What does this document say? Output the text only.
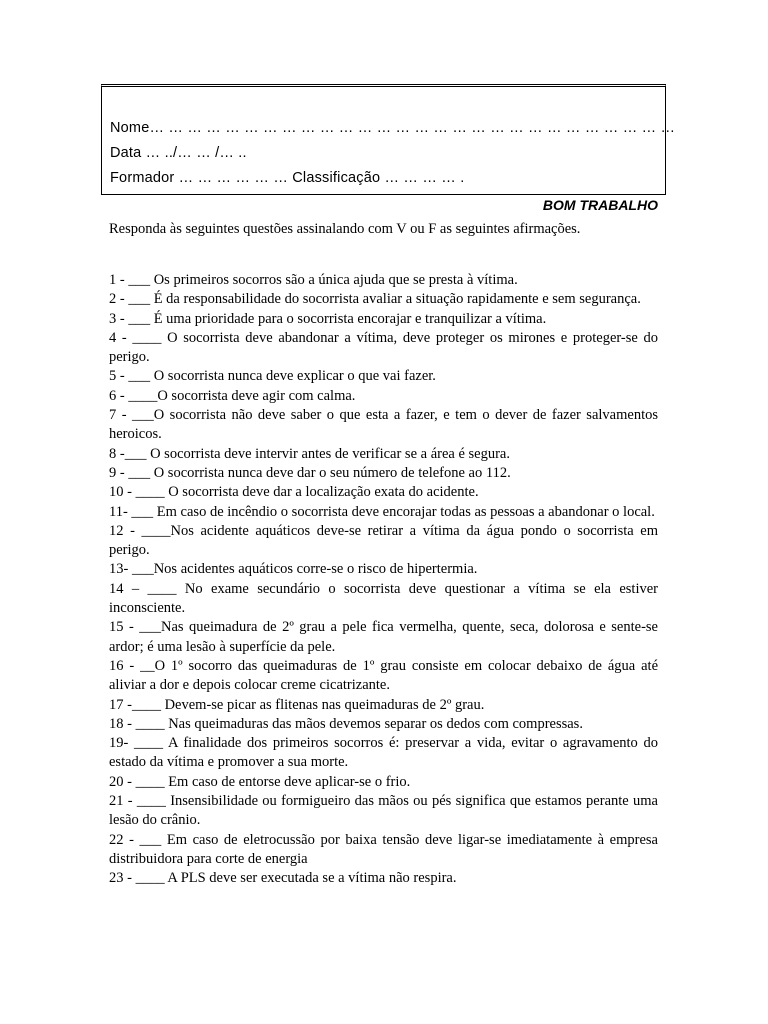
Nome… … … … … … … … … … … … … … … … … … … … … … … … … … … …
Data … ../… … /… ..
Formador … … … … … … Classificação … … … … .
BOM TRABALHO
Responda às seguintes questões assinalando com V ou F as seguintes afirmações.

1 - ___ Os primeiros socorros são a única ajuda que se presta à vítima.

2 - ___ É da responsabilidade do socorrista avaliar a situação rapidamente e sem segurança.

3 - ___ É uma prioridade para o socorrista encorajar e tranquilizar a vítima.

4 - ____ O socorrista deve abandonar a vítima, deve proteger os mirones e proteger-se do perigo.

5 - ___ O socorrista nunca deve explicar o que vai fazer.

6 - ____O socorrista deve agir com calma.

7 - ___O socorrista não deve saber o que esta a fazer, e tem o dever de fazer salvamentos heroicos.

8 -___ O socorrista deve intervir antes de verificar se a área é segura.

9 - ___ O socorrista nunca deve dar o seu número de telefone ao 112.

10 - ____ O socorrista deve dar a localização exata do acidente.

11- ___ Em caso de incêndio o socorrista deve encorajar todas as pessoas a abandonar o local.

12 - ____Nos acidente aquáticos deve-se retirar a vítima da água pondo o socorrista em perigo.

13- ___Nos acidentes aquáticos corre-se o risco de hipertermia.

14 – ____ No exame secundário o socorrista deve questionar a vítima se ela estiver inconsciente.

15 - ___Nas queimadura de 2º grau a pele fica vermelha, quente, seca, dolorosa e sente-se ardor; é uma lesão à superfície da pele.

16 - __O 1º socorro das queimaduras de 1º grau consiste em colocar debaixo de água até aliviar a dor e depois colocar creme cicatrizante.

17 -____ Devem-se picar as flitenas nas queimaduras de 2º grau.

18 - ____ Nas queimaduras das mãos devemos separar os dedos com compressas.

19- ____ A finalidade dos primeiros socorros é: preservar a vida, evitar o agravamento do estado da vítima e promover a sua morte.

20 - ____ Em caso de entorse deve aplicar-se o frio.

21 - ____ Insensibilidade ou formigueiro das mãos ou pés significa que estamos perante uma lesão do crânio.

22 - ___ Em caso de eletrocussão por baixa tensão deve ligar-se imediatamente à empresa distribuidora para corte de energia

23 - ____ A PLS deve ser executada se a vítima não respira.
